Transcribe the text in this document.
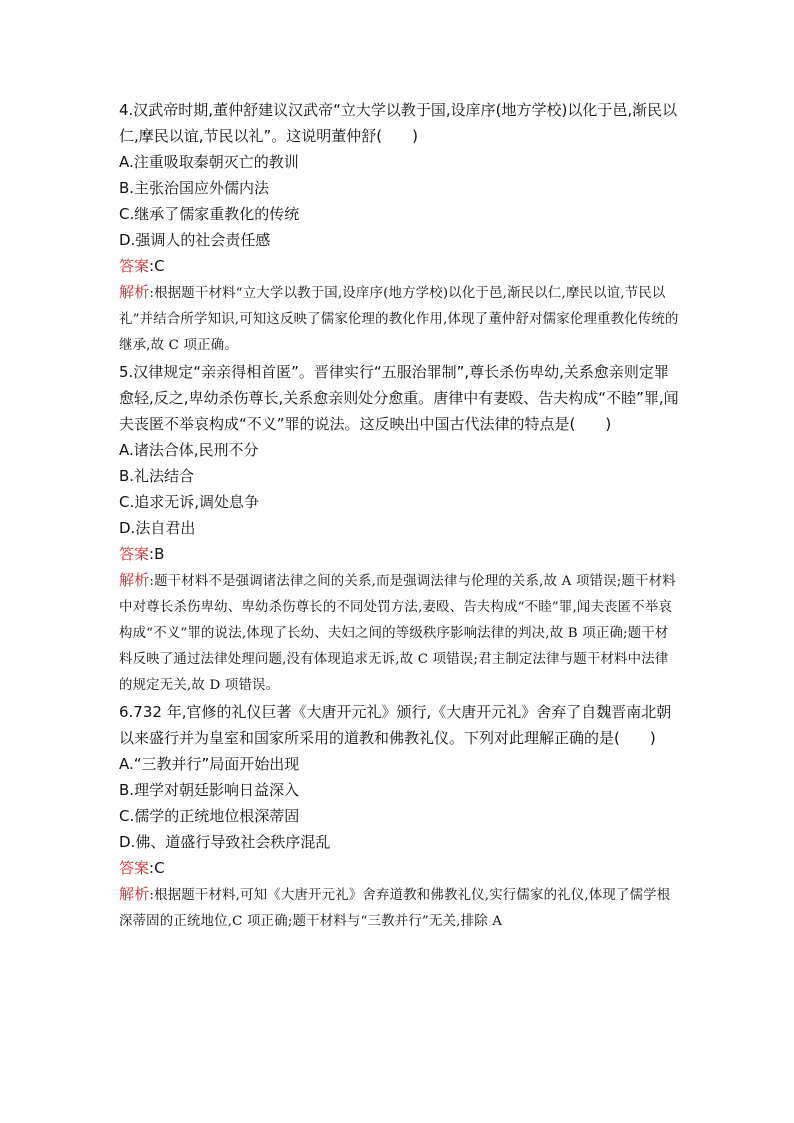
4.汉武帝时期,董仲舒建议汉武帝“立大学以教于国,设庠序(地方学校)以化于邑,渐民以仁,摩民以谊,节民以礼”。这说明董仲舒(　　)

A.注重吸取秦朝灭亡的教训

B.主张治国应外儒内法

C.继承了儒家重教化的传统

D.强调人的社会责任感

答案:C

解析:根据题干材料“立大学以教于国,设庠序(地方学校)以化于邑,渐民以仁,摩民以谊,节民以礼”并结合所学知识,可知这反映了儒家伦理的教化作用,体现了董仲舒对儒家伦理重教化传统的继承,故 C 项正确。

5.汉律规定“亲亲得相首匿”。晋律实行“五服治罪制”,尊长杀伤卑幼,关系愈亲则定罪愈轻,反之,卑幼杀伤尊长,关系愈亲则处分愈重。唐律中有妻殴、告夫构成“不睦”罪,闻夫丧匿不举哀构成“不义”罪的说法。这反映出中国古代法律的特点是(　　)

A.诸法合体,民刑不分

B.礼法结合

C.追求无诉,调处息争

D.法自君出

答案:B

解析:题干材料不是强调诸法律之间的关系,而是强调法律与伦理的关系,故 A 项错误;题干材料中对尊长杀伤卑幼、卑幼杀伤尊长的不同处罚方法,妻殴、告夫构成“不睦”罪,闻夫丧匿不举哀构成“不义”罪的说法,体现了长幼、夫妇之间的等级秩序影响法律的判决,故 B 项正确;题干材料反映了通过法律处理问题,没有体现追求无诉,故 C 项错误;君主制定法律与题干材料中法律的规定无关,故 D 项错误。

6.732 年,官修的礼仪巨著《大唐开元礼》颁行,《大唐开元礼》舍弃了自魏晋南北朝以来盛行并为皇室和国家所采用的道教和佛教礼仪。下列对此理解正确的是(　　)

A.“三教并行”局面开始出现

B.理学对朝廷影响日益深入

C.儒学的正统地位根深蒂固

D.佛、道盛行导致社会秩序混乱

答案:C

解析:根据题干材料,可知《大唐开元礼》舍弃道教和佛教礼仪,实行儒家的礼仪,体现了儒学根深蒂固的正统地位,C 项正确;题干材料与“三教并行”无关,排除 A
